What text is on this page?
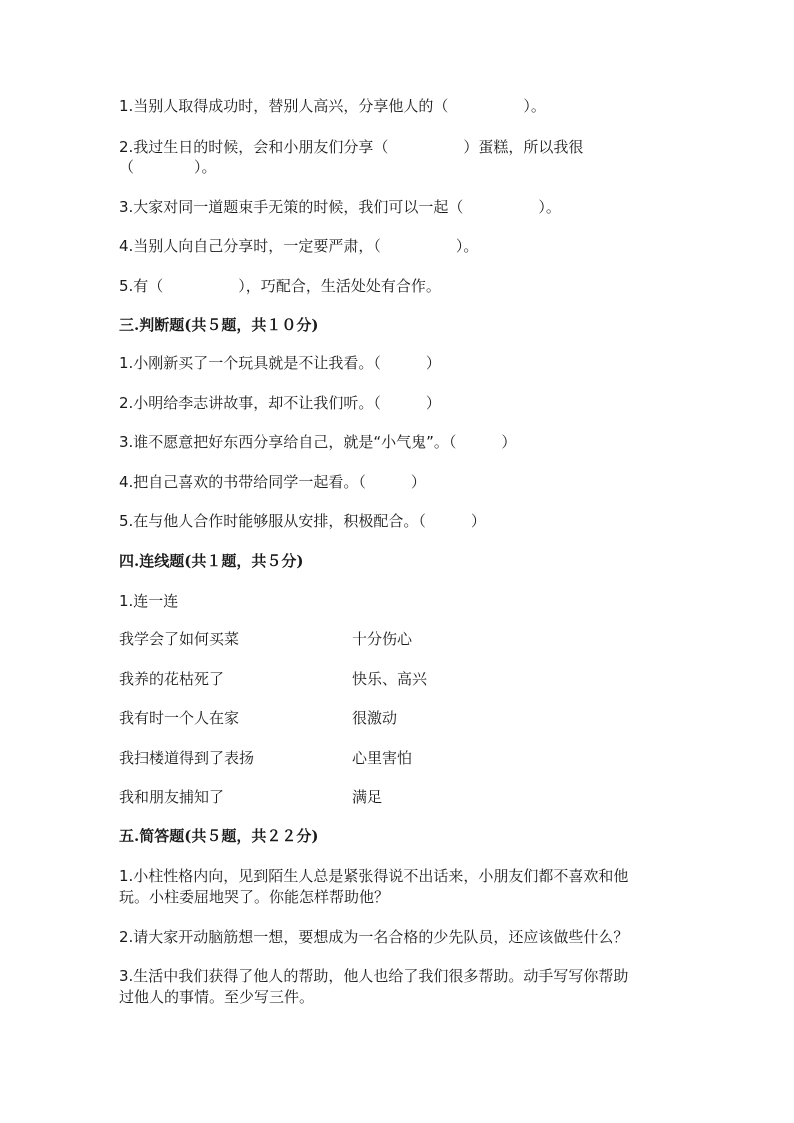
1.当别人取得成功时，替别人高兴，分享他人的（　　　　　）。
2.我过生日的时候，会和小朋友们分享（　　　　　）蛋糕，所以我很
（　　　　）。
3.大家对同一道题束手无策的时候，我们可以一起（　　　　　）。
4.当别人向自己分享时，一定要严肃，（　　　　　）。
5.有（　　　　　），巧配合，生活处处有合作。
三.判断题(共５题，共１０分)
1.小刚新买了一个玩具就是不让我看。（　　　）
2.小明给李志讲故事，却不让我们听。（　　　）
3.谁不愿意把好东西分享给自己，就是“小气鬼”。（　　　）
4.把自己喜欢的书带给同学一起看。（　　　）
5.在与他人合作时能够服从安排，积极配合。（　　　）
四.连线题(共１题，共５分)
1.连一连
我学会了如何买菜	十分伤心
我养的花枯死了	快乐、高兴
我有时一个人在家	很激动
我扫楼道得到了表扬	心里害怕
我和朋友捕知了	满足
五.简答题(共５题，共２２分)
1.小柱性格内向，见到陌生人总是紧张得说不出话来，小朋友们都不喜欢和他
玩。小柱委屈地哭了。你能怎样帮助他？
2.请大家开动脑筋想一想，要想成为一名合格的少先队员，还应该做些什么？
3.生活中我们获得了他人的帮助，他人也给了我们很多帮助。动手写写你帮助
过他人的事情。至少写三件。
